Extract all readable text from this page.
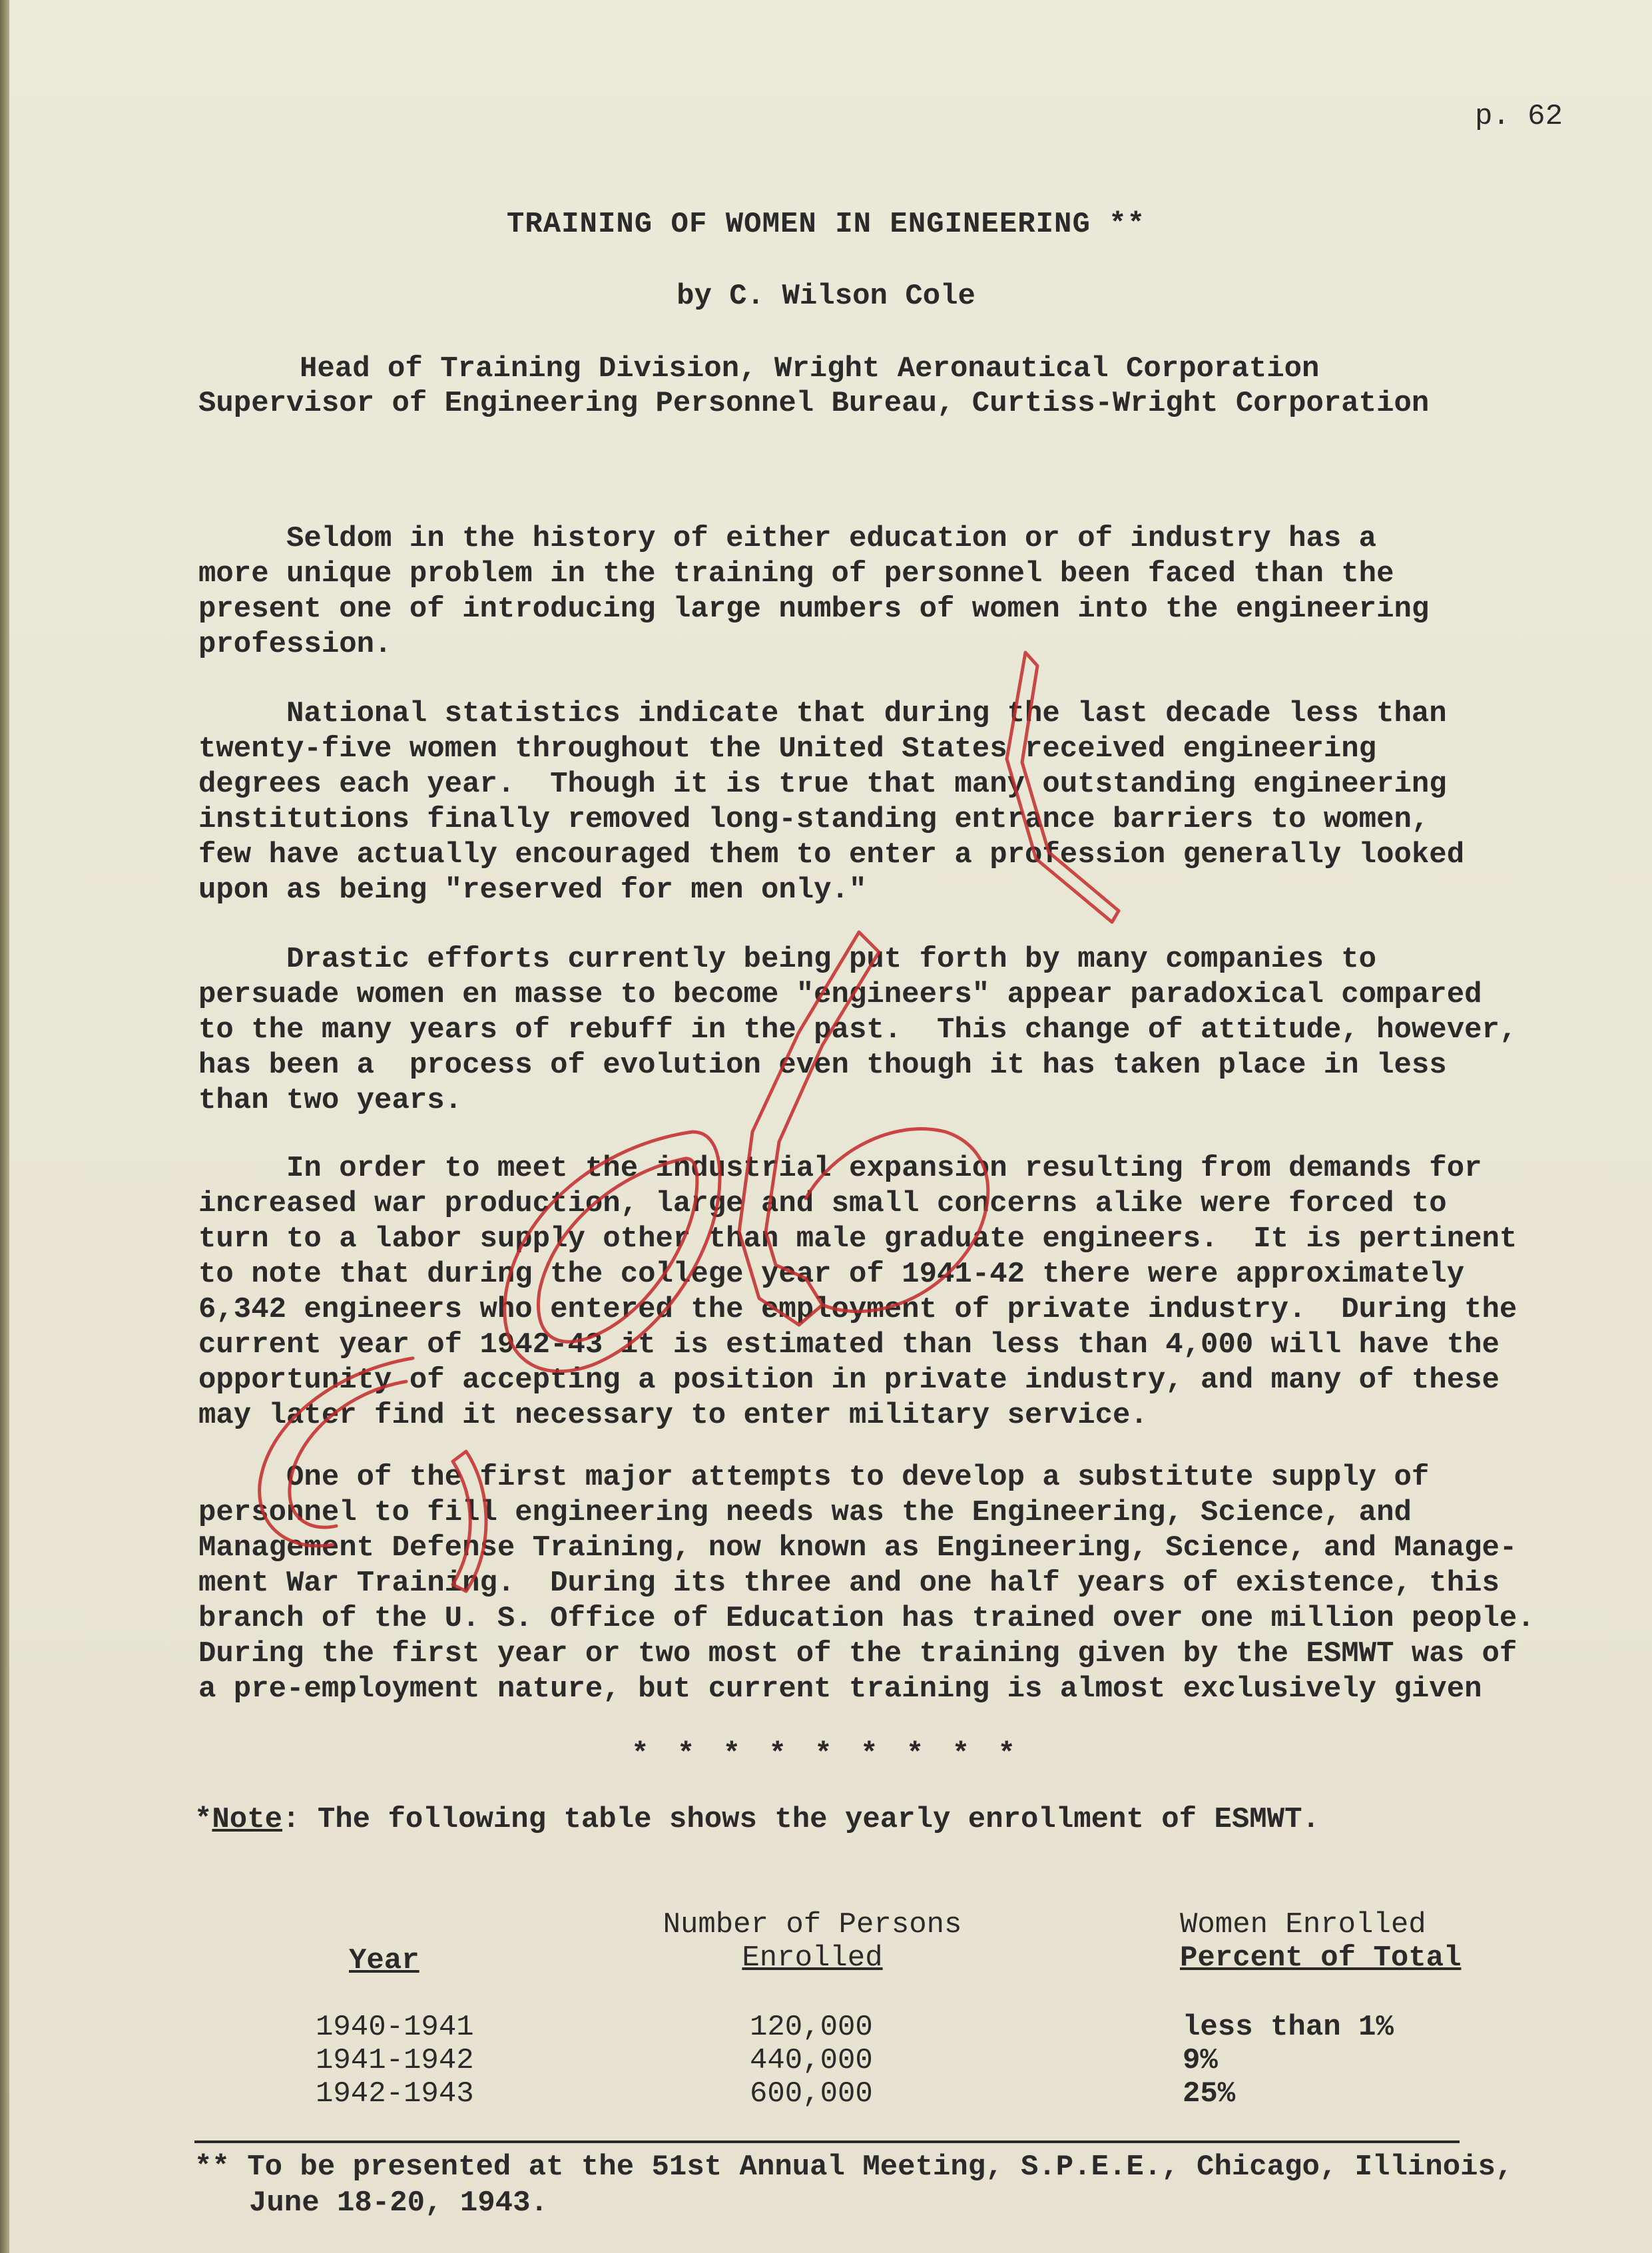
p. 62
TRAINING OF WOMEN IN ENGINEERING **
by C. Wilson Cole
Head of Training Division, Wright Aeronautical Corporation
Supervisor of Engineering Personnel Bureau, Curtiss-Wright Corporation
Seldom in the history of either education or of industry has a
more unique problem in the training of personnel been faced than the
present one of introducing large numbers of women into the engineering
profession.
National statistics indicate that during the last decade less than
twenty-five women throughout the United States received engineering
degrees each year.  Though it is true that many outstanding engineering
institutions finally removed long-standing entrance barriers to women,
few have actually encouraged them to enter a profession generally looked
upon as being "reserved for men only."
Drastic efforts currently being put forth by many companies to
persuade women en masse to become "engineers" appear paradoxical compared
to the many years of rebuff in the past.  This change of attitude, however,
has been a  process of evolution even though it has taken place in less
than two years.
In order to meet the industrial expansion resulting from demands for
increased war production, large and small concerns alike were forced to
turn to a labor supply other than male graduate engineers.  It is pertinent
to note that during the college year of 1941-42 there were approximately
6,342 engineers who entered the employment of private industry.  During the
current year of 1942-43 it is estimated than less than 4,000 will have the
opportunity of accepting a position in private industry, and many of these
may later find it necessary to enter military service.
One of the first major attempts to develop a substitute supply of
personnel to fill engineering needs was the Engineering, Science, and
Management Defense Training, now known as Engineering, Science, and Manage-
ment War Training.  During its three and one half years of existence, this
branch of the U. S. Office of Education has trained over one million people.
During the first year or two most of the training given by the ESMWT was of
a pre-employment nature, but current training is almost exclusively given
* * * * * * * * *
*Note: The following table shows the yearly enrollment of ESMWT.
Year
Number of Persons
Enrolled
Women Enrolled
Percent of Total
1940-1941
1941-1942
1942-1943
120,000
440,000
600,000
less than 1%
9%
25%
** To be presented at the 51st Annual Meeting, S.P.E.E., Chicago, Illinois,
June 18-20, 1943.
